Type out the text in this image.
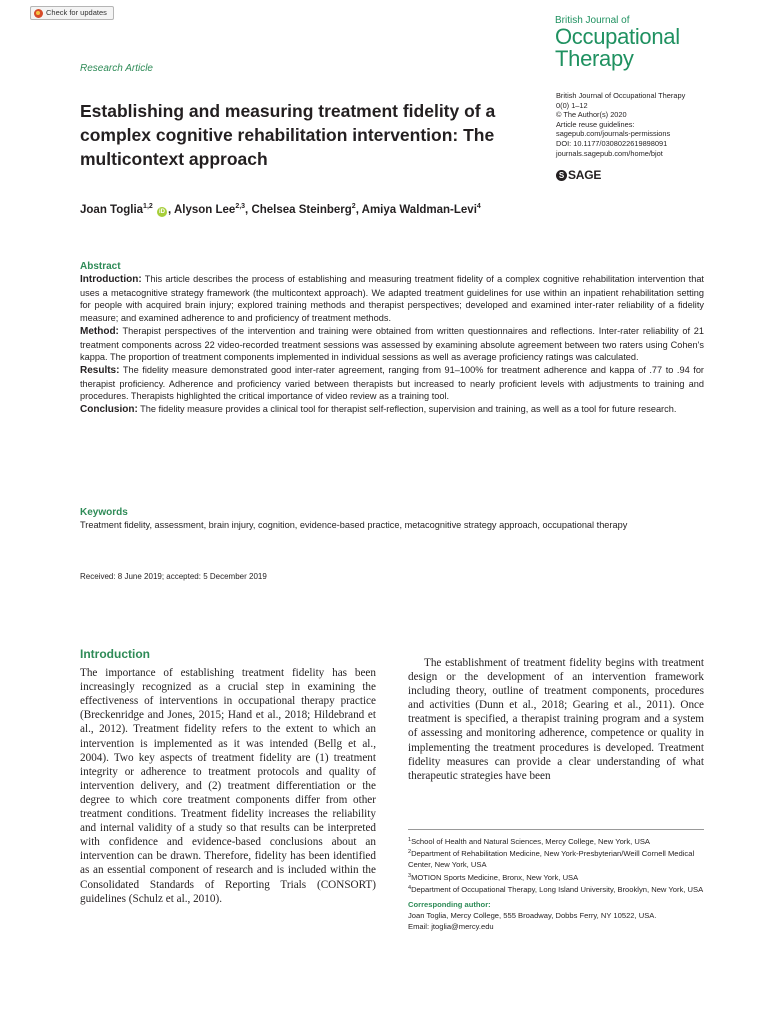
Check for updates
British Journal of
Occupational
Therapy
Research Article
Establishing and measuring treatment fidelity of a complex cognitive rehabilitation intervention: The multicontext approach
British Journal of Occupational Therapy
0(0) 1–12
© The Author(s) 2020
Article reuse guidelines:
sagepub.com/journals-permissions
DOI: 10.1177/0308022619898091
journals.sagepub.com/home/bjot
S SAGE
Joan Toglia$^{1,2}$ iD , Alyson Lee$^{2,3}$, Chelsea Steinberg$^2$, Amiya Waldman-Levi$^4$
Abstract

Introduction: This article describes the process of establishing and measuring treatment fidelity of a complex cognitive rehabilitation intervention that uses a metacognitive strategy framework (the multicontext approach). We adapted treatment guidelines for use within an inpatient rehabilitation setting for people with acquired brain injury; explored training methods and therapist perspectives; developed and examined inter-rater reliability of a fidelity measure; and examined adherence to and proficiency of treatment methods.

Method: Therapist perspectives of the intervention and training were obtained from written questionnaires and reflections. Inter-rater reliability of 21 treatment components across 22 video-recorded treatment sessions was assessed by examining absolute agreement between two raters using Cohen's kappa. The proportion of treatment components implemented in individual sessions as well as average proficiency ratings was calculated.

Results: The fidelity measure demonstrated good inter-rater agreement, ranging from 91–100% for treatment adherence and kappa of .77 to .94 for therapist proficiency. Adherence and proficiency varied between therapists but increased to nearly proficient levels with adjustments to training and procedures. Therapists highlighted the critical importance of video review as a training tool.

Conclusion: The fidelity measure provides a clinical tool for therapist self-reflection, supervision and training, as well as a tool for future research.

Keywords
Treatment fidelity, assessment, brain injury, cognition, evidence-based practice, metacognitive strategy approach, occupational therapy
Received: 8 June 2019; accepted: 5 December 2019
Introduction

The importance of establishing treatment fidelity has been increasingly recognized as a crucial step in examining the effectiveness of interventions in occupational therapy practice (Breckenridge and Jones, 2015; Hand et al., 2018; Hildebrand et al., 2012). Treatment fidelity refers to the extent to which an intervention is implemented as it was intended (Bellg et al., 2004). Two key aspects of treatment fidelity are (1) treatment integrity or adherence to treatment protocols and quality of intervention delivery, and (2) treatment differentiation or the degree to which core treatment components differ from other treatment conditions. Treatment fidelity increases the reliability and internal validity of a study so that results can be interpreted with confidence and evidence-based conclusions about an intervention can be drawn. Therefore, fidelity has been identified as an essential component of research and is included within the Consolidated Standards of Reporting Trials (CONSORT) guidelines (Schulz et al., 2010).

The establishment of treatment fidelity begins with treatment design or the development of an intervention framework including theory, outline of treatment components, procedures and activities (Dunn et al., 2018; Gearing et al., 2011). Once treatment is specified, a therapist training program and a system of assessing and monitoring adherence, competence or quality in implementing the treatment procedures is developed. Treatment fidelity measures can provide a clear understanding of what therapeutic strategies have been

$^1$School of Health and Natural Sciences, Mercy College, New York, USA
$^2$Department of Rehabilitation Medicine, New York-Presbyterian/Weill Cornell Medical Center, New York, USA
$^3$MOTION Sports Medicine, Bronx, New York, USA
$^4$Department of Occupational Therapy, Long Island University, Brooklyn, New York, USA
Corresponding author:
Joan Toglia, Mercy College, 555 Broadway, Dobbs Ferry, NY 10522, USA.
Email: jtoglia@mercy.edu
